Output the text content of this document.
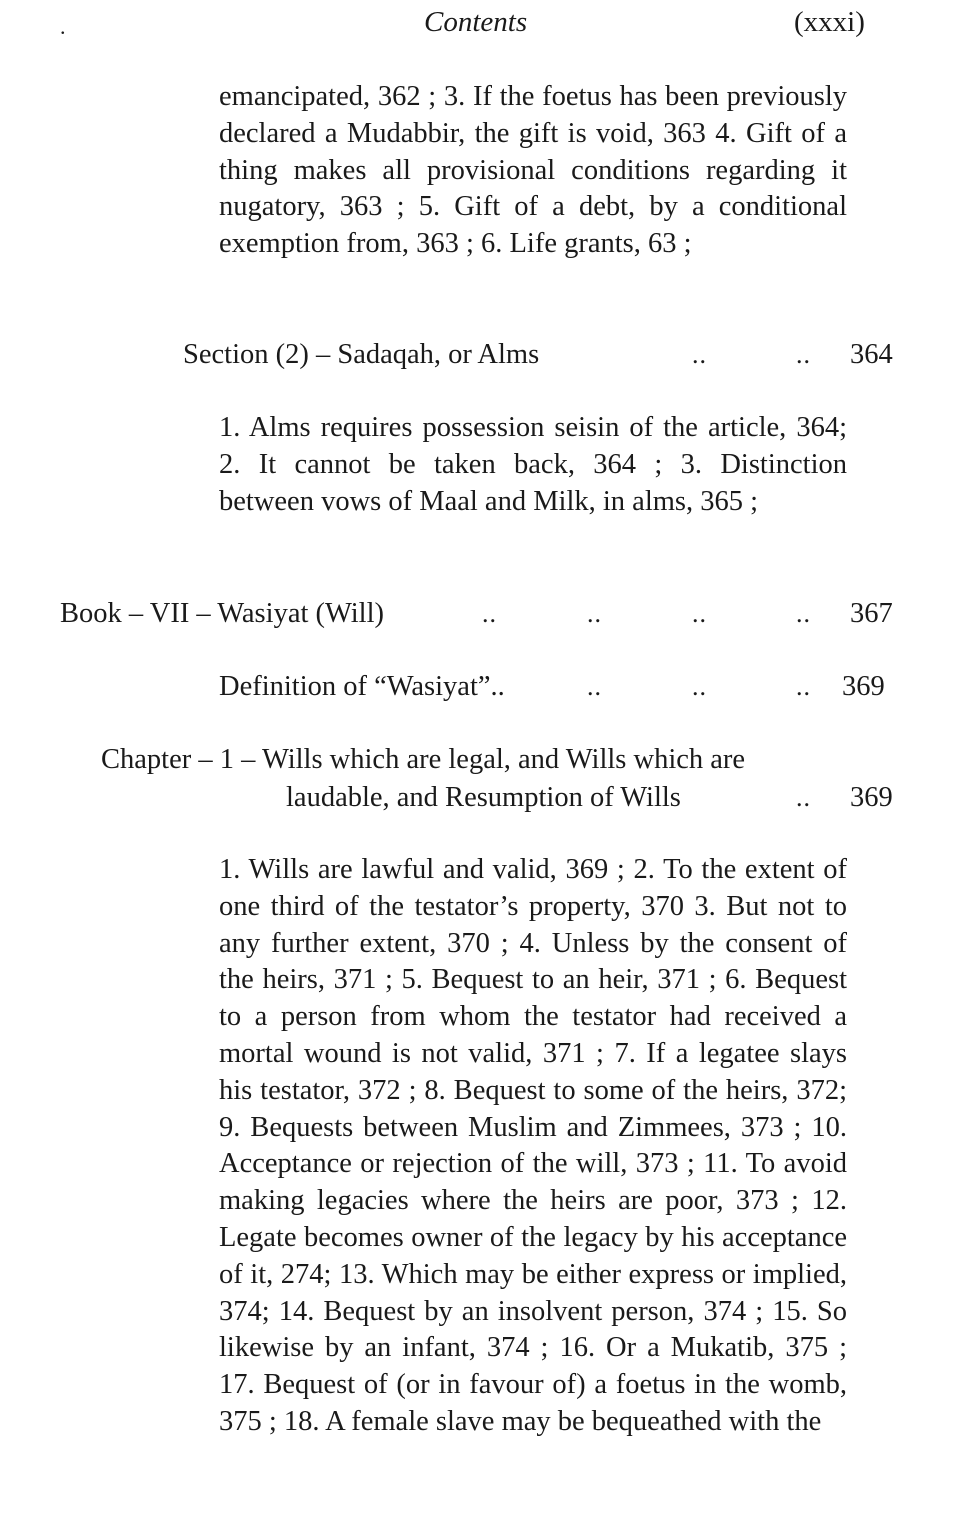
.	Contents	(xxxi)

emancipated, 362 ; 3. If the foetus has been previously declared a Mudabbir, the gift is void, 363 4. Gift of a thing makes all provisional conditions regarding it nugatory, 363 ; 5. Gift of a debt, by a conditional exemption from, 363 ; 6. Life grants, 63 ;

Section (2) – Sadaqah, or Alms	..	.. 364

1. Alms requires possession seisin of the article, 364; 2. It cannot be taken back, 364 ; 3. Distinction between vows of Maal and Milk, in alms, 365 ;

Book – VII – Wasiyat (Will)	..	..	..	.. 367
Definition of “Wasiyat”..	..	..	.. 369
Chapter – 1 – Wills which are legal, and Wills which are
laudable, and Resumption of Wills	.. 369

1. Wills are lawful and valid, 369 ; 2. To the extent of one third of the testator’s property, 370 3. But not to any further extent, 370 ; 4. Unless by the consent of the heirs, 371 ; 5. Bequest to an heir, 371 ; 6. Bequest to a person from whom the testator had received a mortal wound is not valid, 371 ; 7. If a legatee slays his testator, 372 ; 8. Bequest to some of the heirs, 372; 9. Bequests between Muslim and Zimmees, 373 ; 10. Acceptance or rejection of the will, 373 ; 11. To avoid making legacies where the heirs are poor, 373 ; 12. Legate becomes owner of the legacy by his acceptance of it, 274; 13. Which may be either express or implied, 374; 14. Bequest by an insolvent person, 374 ; 15. So likewise by an infant, 374 ; 16. Or a Mukatib, 375 ; 17. Bequest of (or in favour of) a foetus in the womb, 375 ; 18. A female slave may be bequeathed with the
